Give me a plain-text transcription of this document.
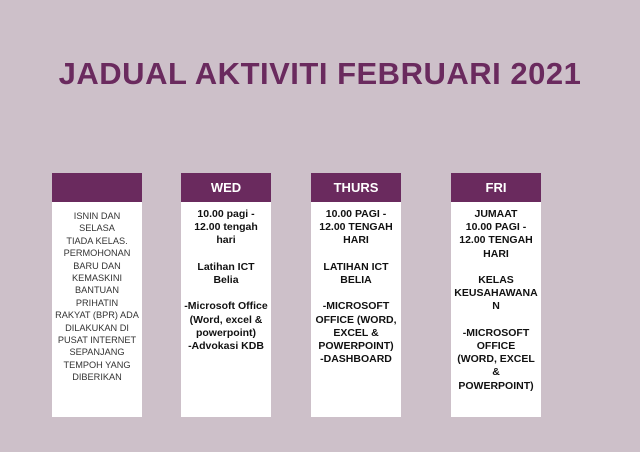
JADUAL AKTIVITI FEBRUARI 2021
ISNIN DAN SELASA
TIADA KELAS.
PERMOHONAN
BARU DAN
KEMASKINI
BANTUAN PRIHATIN
RAKYAT (BPR) ADA
DILAKUKAN DI
PUSAT INTERNET
SEPANJANG
TEMPOH YANG
DIBERIKAN
WED
10.00 pagi -
12.00 tengah
hari

Latihan ICT Belia

-Microsoft Office
(Word, excel &
powerpoint)
-Advokasi KDB
THURS
10.00 PAGI -
12.00 TENGAH
HARI

LATIHAN ICT
BELIA

-MICROSOFT
OFFICE (WORD,
EXCEL &
POWERPOINT)
-DASHBOARD
FRI
JUMAAT
10.00 PAGI -
12.00 TENGAH
HARI

KELAS
KEUSAHAWANA
N

-MICROSOFT
OFFICE
(WORD, EXCEL &
POWERPOINT)
